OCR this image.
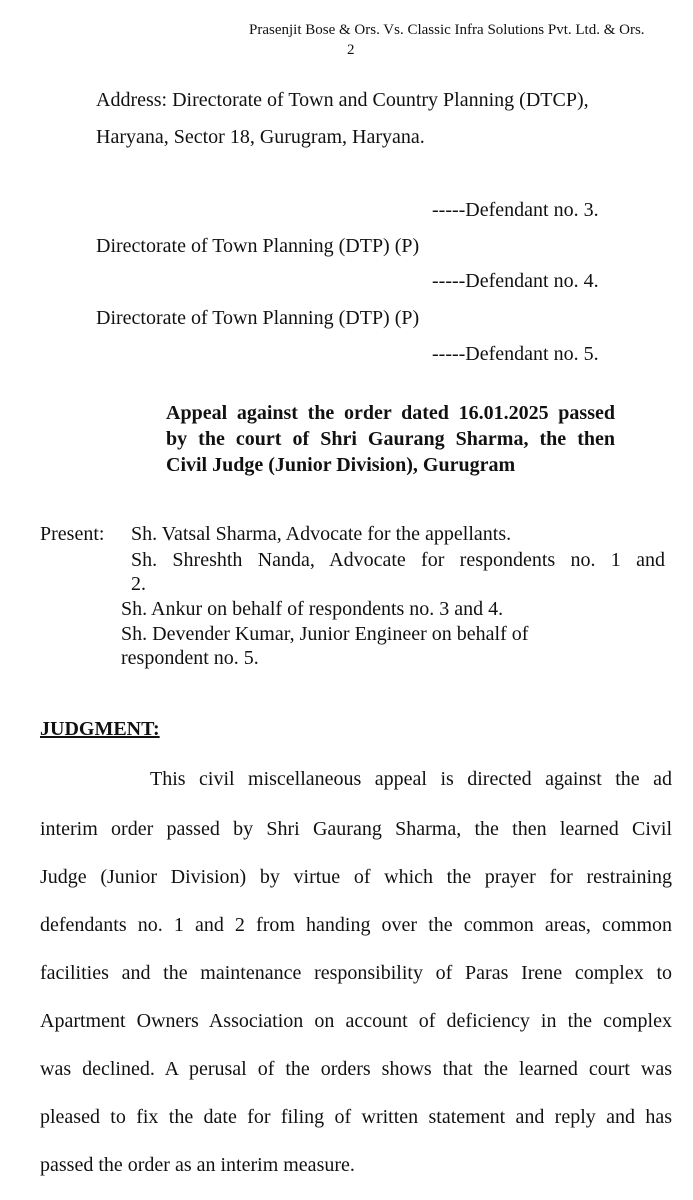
Prasenjit Bose & Ors. Vs. Classic Infra Solutions Pvt. Ltd. & Ors.
2
Address: Directorate of Town and Country Planning (DTCP),
Haryana, Sector 18, Gurugram, Haryana.
-----Defendant no. 3.
Directorate of Town Planning (DTP) (P)
-----Defendant no. 4.
Directorate of Town Planning (DTP) (P)
-----Defendant no. 5.
Appeal against the order dated 16.01.2025 passed
by the court of Shri Gaurang Sharma, the then
Civil Judge (Junior Division), Gurugram
Present: Sh. Vatsal Sharma, Advocate for the appellants.
Sh. Shreshth Nanda, Advocate for respondents no. 1 and
2.
Sh. Ankur on behalf of respondents no. 3 and 4.
Sh. Devender Kumar, Junior Engineer on behalf of
respondent no. 5.
JUDGMENT:
This civil miscellaneous appeal is directed against the ad
interim order passed by Shri Gaurang Sharma, the then learned Civil
Judge (Junior Division) by virtue of which the prayer for restraining
defendants no. 1 and 2 from handing over the common areas, common
facilities and the maintenance responsibility of Paras Irene complex to
Apartment Owners Association on account of deficiency in the complex
was declined. A perusal of the orders shows that the learned court was
pleased to fix the date for filing of written statement and reply and has
passed the order as an interim measure.
